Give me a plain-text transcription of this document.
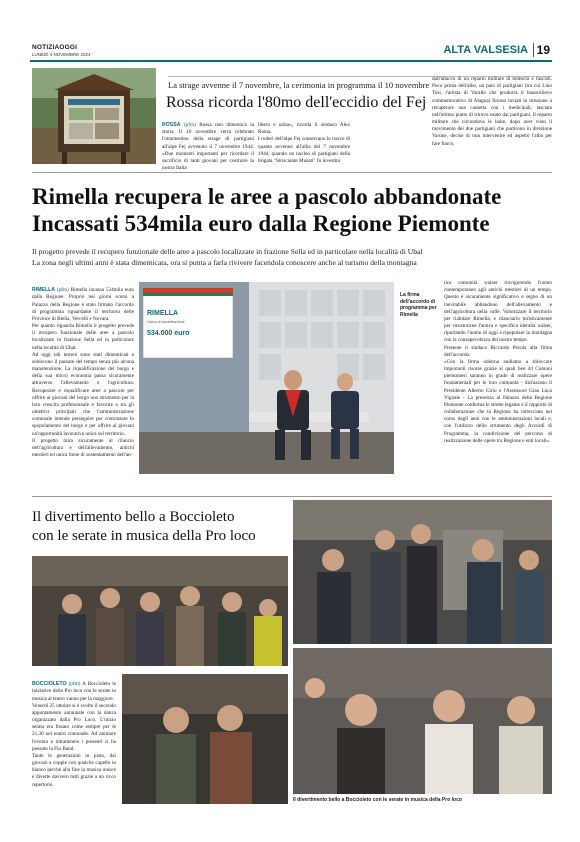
NOTIZIAOGGI
LUNEDÌ 4 NOVEMBRE 2024	ALTA VALSESIA 19
La strage avvenne il 7 novembre, la cerimonia in programma il 10 novembre
Rossa ricorda l'80mo dell'eccidio del Fej
ROSSA (pfm) Rossa non dimentica la storia. Il 10 novembre verrà celebrato l'ottantesimo della strage di partigiani all'alpe Fej avvenuto il 7 novembre 1944. «Due momenti importanti per ricordare il sacrificio di tanti giovani per costruire la nostra Italia
libera e unita», ricorda il sindaco Alex Roma.
I ruderi dell'alpe Fej conservano le tracce di quanto avvenne all'alba del 7 novembre 1944, quando un nucleo di partigiani della brigata "Strisciante Musati" fu investito
dall'attacco di un reparto militare di tedeschi e fascisti. Poco prima dell'alba, un paio di partigiani (tra cui Lino Tosi, l'artista di Varallo che produrrà il bassorilievo commemorativo di Alagna) furono inviati in missione a recuperare una cassetta con i medicinali, lasciata nell'ultimo punto di ritrovo usato dai partigiani. Il reparto militare che circondava le baite, dopo aver visto il movimento dei due partigiani che partirono in direzione Varone, decise di non intervenire ed aspettò l'alba per fare fuoco.
Rimella recupera le aree a pascolo abbandonate
Incassati 534mila euro dalla Regione Piemonte
Il progetto prevede il recupero funzionale delle aree a pascolo localizzate in frazione Sella ed in particolare nella località di Ubal
La zona negli ultimi anni è stata dimenticata, ora si punta a farla rivivere facendola conoscere anche al turismo della montagna

RIMELLA (pfm) Rimella incassa 534mila euro dalla Regione. Proprio nei giorni scorsi a Palazzo della Regione è stato firmato l'accordo di programma riguardante il territorio delle Province di Biella, Vercelli e Novara.
Per quanto riguarda Rimella il progetto prevede il recupero funzionale delle aree a pascolo localizzate in frazione Sella ed in particolare nella località di Ubal.
Ad oggi tali terreni sono stati dimenticati e subiscono il passare del tempo senza più alcuna manutenzione. La riqualificazione del borgo e della sua micro economia passa sicuramente attraverso l'allevamento e l'agricoltura. Recuperare e riqualificare aree a pascolo per offrire ai giovani del borgo uno strumento per la loro crescita professionale e favorire a tra gli obiettivi principali che l'amministrazione comunale intende perseguire per contrastare lo spopolamento del borgo e per offrire ai giovani un'opportunità lavorativa unica sul territorio.
Il progetto mira sicuramente al rilancio dell'agricoltura e dell'allevamento, antichi mestieri ed unica fonte di sostentamento dell'an-

RIMELLA
Opera di riqualificazione
534.000 euro
La firma dell'accordo di programma per Rimella
tica comunità walser rinvigorendo l'uomo contemporaneo agli antichi mestieri di un tempo. Questo è sicuramente significativo e segno di un inevitabile abbandono dell'allevamento e dell'agricoltura nella valle. Valorizzare il territorio per riabitare Rimella, e rilanciarlo turisticamente per ricostruirne l'antica e specifica identità walser, riportando l'uomo di oggi a ripopolare la montagna con la consapevolezza del nostro tempo.
Presente il sindaco Riccardo Pecola alla firma dell'accordo.
«Con la firma odierna andiamo a sbloccare importanti risorse grazie al quali ben 44 Comuni piemontesi saranno in grado di realizzare opere fondamentali per le loro comunità - dichiarano il Presidente Alberto Cirio e l'Assessore Gian Luca Vignale - La presenza al Palazzo della Regione Piemonte conferma le strette legame e il rapporto di collaborazione che la Regione ha intrecciato nel corso degli anni con le amministrazioni locali e, con l'utilizzo dello strumento degli Accordi di Programma, la condivisione del percorso di realizzazione delle opere tra Regione e enti locali».
Il divertimento bello a Boccioleto
con le serate in musica della Pro loco

BOCCIOLETO (pfm) A Boccioleto le iniziative della Pro loco con le serate in musica al teatro vanno per la maggiore.
Venerdì 25 ottobre si è svolto il secondo appuntamento autunnale con la danza organizzato dalla Pro Loco. L'inizio serata era fissato come sempre per le 21,30 nel teatro comunale. Ad animare l'evento e intrattenere i presenti ci ha pensato la Flo Band.
Tante le generazioni in pista, dai giovani a coppie con qualche capello in bianco perché alla fine la musica unisce e diverte davvero tutti grazie a un ricco repertorio.

Il divertimento bello a Boccioleto con le serate in musica della Pro loco
